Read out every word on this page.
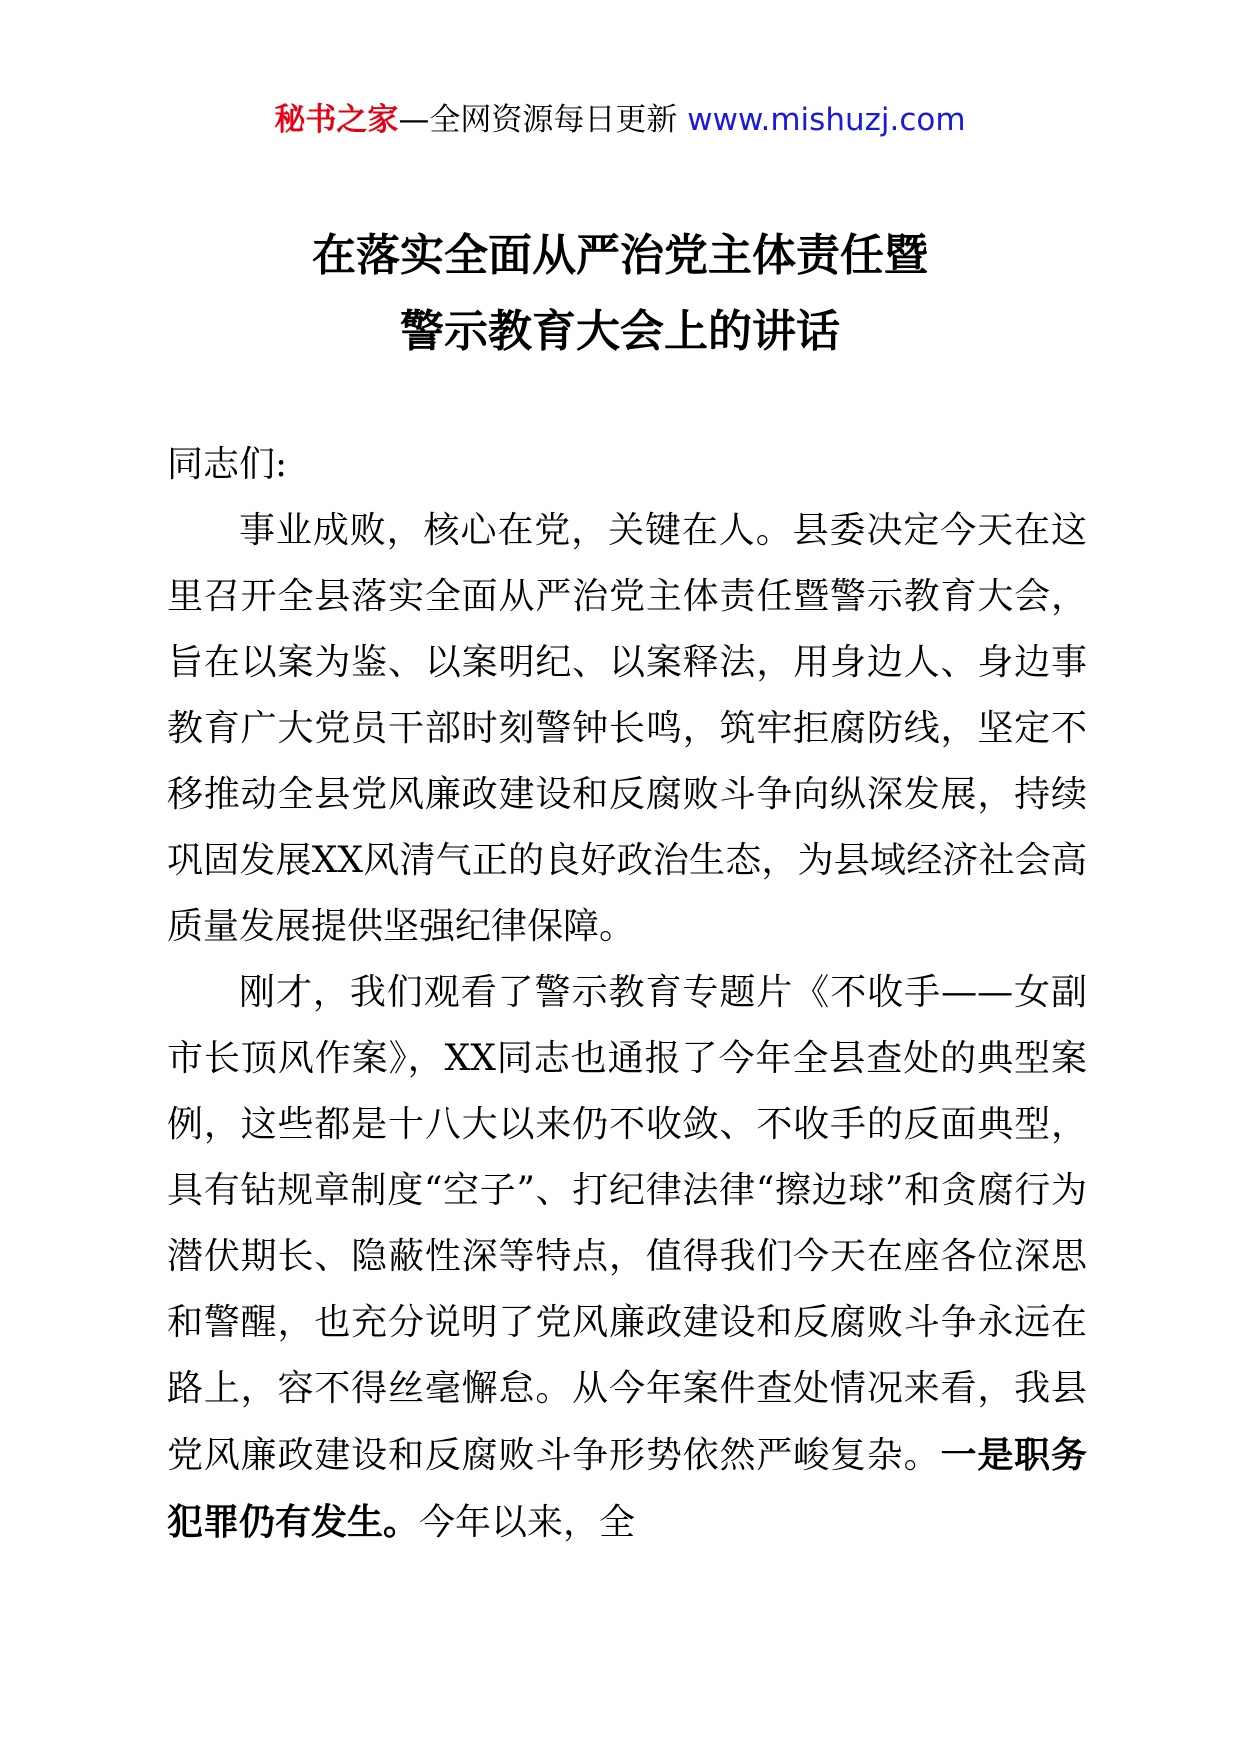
秘书之家—全网资源每日更新 www.mishuzj.com
在落实全面从严治党主体责任暨
警示教育大会上的讲话

同志们:

事业成败，核心在党，关键在人。县委决定今天在这里召开全县落实全面从严治党主体责任暨警示教育大会，旨在以案为鉴、以案明纪、以案释法，用身边人、身边事教育广大党员干部时刻警钟长鸣，筑牢拒腐防线，坚定不移推动全县党风廉政建设和反腐败斗争向纵深发展，持续巩固发展XX风清气正的良好政治生态，为县域经济社会高质量发展提供坚强纪律保障。

刚才，我们观看了警示教育专题片《不收手——女副市长顶风作案》，XX同志也通报了今年全县查处的典型案例，这些都是十八大以来仍不收敛、不收手的反面典型，具有钻规章制度“空子”、打纪律法律“擦边球”和贪腐行为潜伏期长、隐蔽性深等特点，值得我们今天在座各位深思和警醒，也充分说明了党风廉政建设和反腐败斗争永远在路上，容不得丝毫懈怠。从今年案件查处情况来看，我县党风廉政建设和反腐败斗争形势依然严峻复杂。一是职务犯罪仍有发生。今年以来，全
